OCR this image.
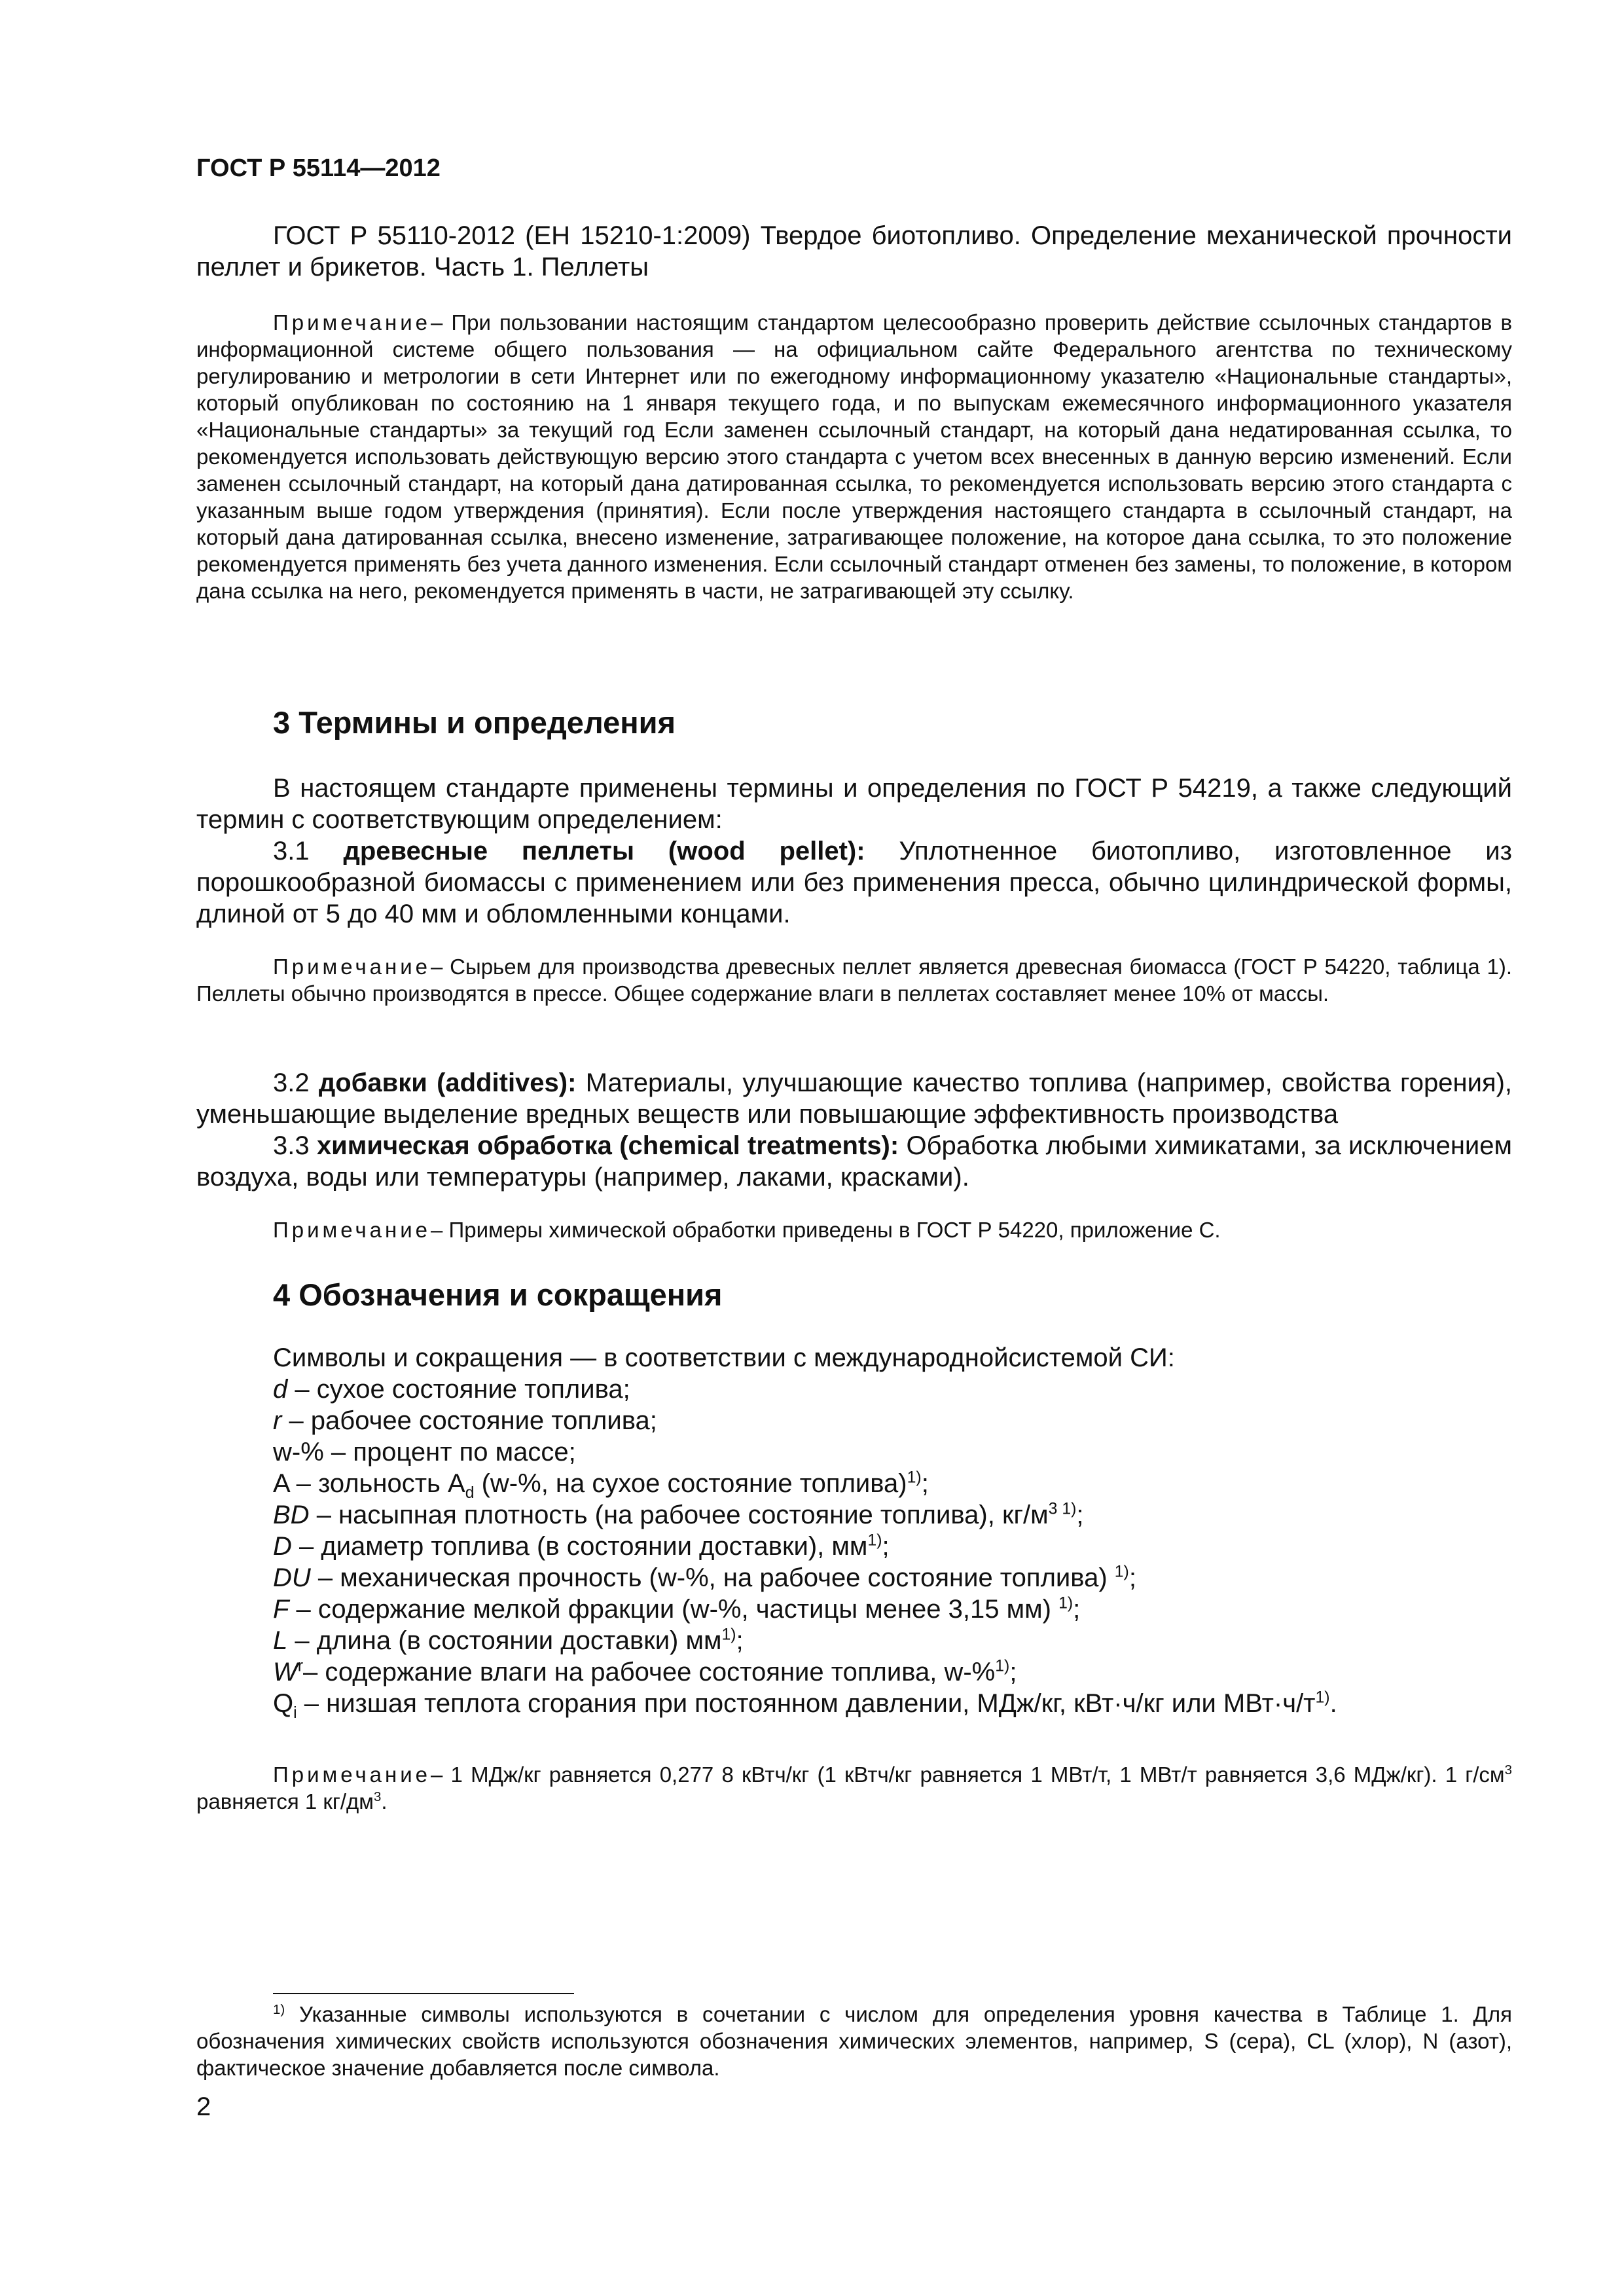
ГОСТ Р 55114—2012

ГОСТ Р 55110-2012 (ЕН 15210-1:2009) Твердое биотопливо. Определение механической прочности пеллет и брикетов. Часть 1. Пеллеты

Примечание– При пользовании настоящим стандартом целесообразно проверить действие ссылочных стандартов в информационной системе общего пользования — на официальном сайте Федерального агентства по техническому регулированию и метрологии в сети Интернет или по ежегодному информационному указателю «Национальные стандарты», который опубликован по состоянию на 1 января текущего года, и по выпускам ежемесячного информационного указателя «Национальные стандарты» за текущий год Если заменен ссылочный стандарт, на который дана недатированная ссылка, то рекомендуется использовать действующую версию этого стандарта с учетом всех внесенных в данную версию изменений. Если заменен ссылочный стандарт, на который дана датированная ссылка, то рекомендуется использовать версию этого стандарта с указанным выше годом утверждения (принятия). Если после утверждения настоящего стандарта в ссылочный стандарт, на который дана датированная ссылка, внесено изменение, затрагивающее положение, на которое дана ссылка, то это положение рекомендуется применять без учета данного изменения. Если ссылочный стандарт отменен без замены, то положение, в котором дана ссылка на него, рекомендуется применять в части, не затрагивающей эту ссылку.

3 Термины и определения

В настоящем стандарте применены термины и определения по ГОСТ Р 54219, а также следующий термин с соответствующим определением:

3.1 древесные пеллеты (wood pellet): Уплотненное биотопливо, изготовленное из порошкообразной биомассы с применением или без применения пресса, обычно цилиндрической формы, длиной от 5 до 40 мм и обломленными концами.

Примечание– Сырьем для производства древесных пеллет является древесная биомасса (ГОСТ Р 54220, таблица 1). Пеллеты обычно производятся в прессе. Общее содержание влаги в пеллетах составляет менее 10% от массы.

3.2 добавки (additives): Материалы, улучшающие качество топлива (например, свойства горения), уменьшающие выделение вредных веществ или повышающие эффективность производства

3.3 химическая обработка (chemical treatments): Обработка любыми химикатами, за исключением воздуха, воды или температуры (например, лаками, красками).

Примечание– Примеры химической обработки приведены в ГОСТ Р 54220, приложение С.

4 Обозначения и сокращения
Символы и сокращения — в соответствии с международнойсистемой СИ:
d – сухое состояние топлива;
r – рабочее состояние топлива;
w-% – процент по массе;
A – зольность $A_d$ (w-%, на сухое состояние топлива)$^{1)}$;
BD – насыпная плотность (на рабочее состояние топлива), $кг/м^{3 1)}$;
D – диаметр топлива (в состоянии доставки), $мм^{1)}$;
DU – механическая прочность (w-%, на рабочее состояние топлива) $^{1)}$;
F – содержание мелкой фракции (w-%, частицы менее 3,15 мм) $^{1)}$;
L – длина (в состоянии доставки) $мм^{1)}$;
$W^r-$ содержание влаги на рабочее состояние топлива, w-%$^{1)}$;
$Q_i$ – низшая теплота сгорания при постоянном давлении, МДж/кг, кВт·ч/кг или $МВт\cdot ч/т^{1)}$.

Примечание– 1 МДж/кг равняется 0,277 8 кВтч/кг (1 кВтч/кг равняется 1 МВт/т, 1 МВт/т равняется 3,6 МДж/кг). 1 $г/см^3$ равняется 1 $кг/дм^3$.

$^{1)}$ Указанные символы используются в сочетании с числом для определения уровня качества в Таблице 1. Для обозначения химических свойств используются обозначения химических элементов, например, S (сера), CL (хлор), N (азот), фактическое значение добавляется после символа.

2
